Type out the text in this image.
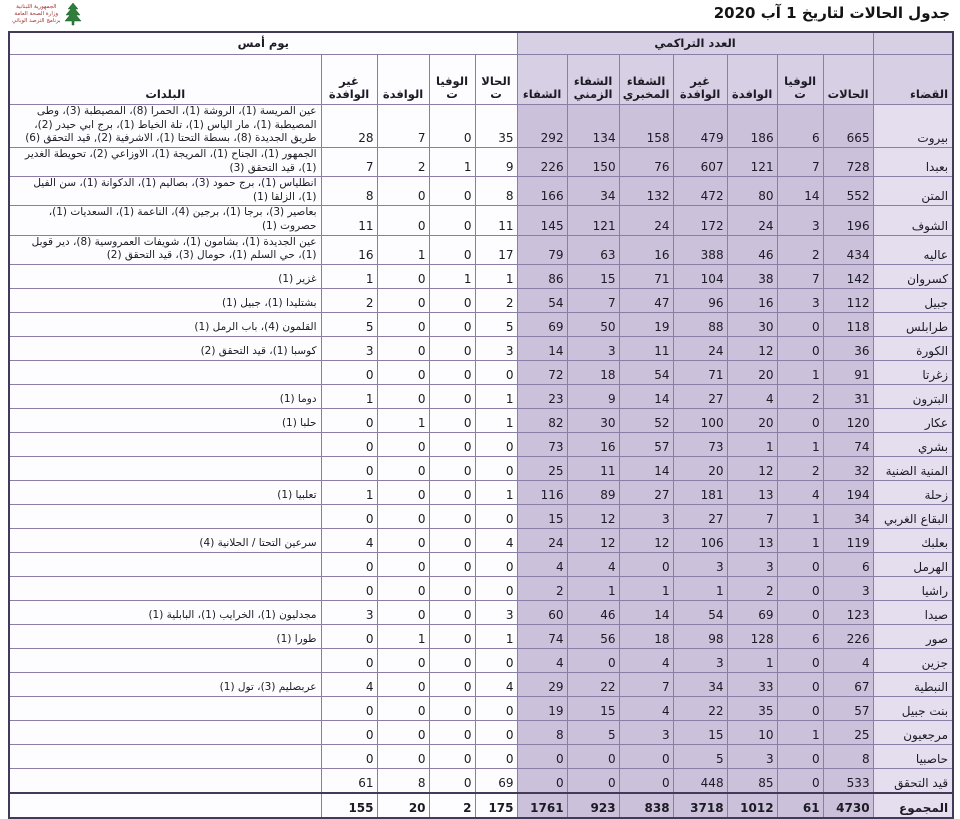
الجمهورية اللبنانية
وزارة الصحة العامة
برنامج الترصد الوبائي	جدول الحالات لتاريخ 1 آب 2020
	العدد التراكمي							يوم أمس				
القضاء	الحالات	الوفيات	الوافدة	غير الوافدة	الشفاء المخبري	الشفاء الزمني	الشفاء	الحالات	الوفيات	الوافدة	غير الوافدة	البلدات
بيروت	665	6	186	479	158	134	292	35	0	7	28	عين المريسة (1)، الروشة (1)، الحمرا (8)، المصيطبة (3)، وطى المصيطبة (1)، مار الياس (1)، تلة الخياط (1)، برج ابي حيدر (2)، طريق الجديدة (8)، بسطة التحتا (1)، الاشرفية (2), قيد التحقق (6)
بعبدا	728	7	121	607	76	150	226	9	1	2	7	الجمهور (1)، الجناح (1)، المريجة (1)، الاوزاعي (2)، تحويطة الغدير (1)، قيد التحقق (3)
المتن	552	14	80	472	132	34	166	8	0	0	8	انطلياس (1)، برج حمود (3)، بصاليم (1)، الدكوانة (1)، سن الفيل (1)، الزلقا (1)
الشوف	196	3	24	172	24	121	145	11	0	0	11	بعاصير (3)، برجا (1)، برجين (4)، الناعمة (1)، السعديات (1)، حصروت (1)
عاليه	434	2	46	388	16	63	79	17	0	1	16	عين الجديدة (1)، بشامون (1)، شويفات العمروسية (8)، دير قوبل (1)، حي السلم (1)، حومال (3)، قيد التحقق (2)
كسروان	142	7	38	104	71	15	86	1	1	0	1	غزير (1)
جبيل	112	3	16	96	47	7	54	2	0	0	2	بشتليدا (1)، جبيل (1)
طرابلس	118	0	30	88	19	50	69	5	0	0	5	القلمون (4)، باب الرمل (1)
الكورة	36	0	12	24	11	3	14	3	0	0	3	كوسبا (1)، قيد التحقق (2)
زغرتا	91	1	20	71	54	18	72	0	0	0	0	
البترون	31	2	4	27	14	9	23	1	0	0	1	دوما (1)
عكار	120	0	20	100	52	30	82	1	0	1	0	حلبا (1)
بشري	74	1	1	73	57	16	73	0	0	0	0	
المنية الضنية	32	2	12	20	14	11	25	0	0	0	0	
زحلة	194	4	13	181	27	89	116	1	0	0	1	تعلبيا (1)
البقاع الغربي	34	1	7	27	3	12	15	0	0	0	0	
بعلبك	119	1	13	106	12	12	24	4	0	0	4	سرعين التحتا / الحلانية (4)
الهرمل	6	0	3	3	0	4	4	0	0	0	0	
راشيا	3	0	2	1	1	1	2	0	0	0	0	
صيدا	123	0	69	54	14	46	60	3	0	0	3	مجدليون (1)، الخرايب (1)، البابلية (1)
صور	226	6	128	98	18	56	74	1	0	1	0	طورا (1)
جزين	4	0	1	3	4	0	4	0	0	0	0	
النبطية	67	0	33	34	7	22	29	4	0	0	4	عربصليم (3)، تول (1)
بنت جبيل	57	0	35	22	4	15	19	0	0	0	0	
مرجعيون	25	1	10	15	3	5	8	0	0	0	0	
حاصبيا	8	0	3	5	0	0	0	0	0	0	0	
قيد التحقق	533	0	85	448	0	0	0	69	0	8	61	
المجموع	4730	61	1012	3718	838	923	1761	175	2	20	155	
